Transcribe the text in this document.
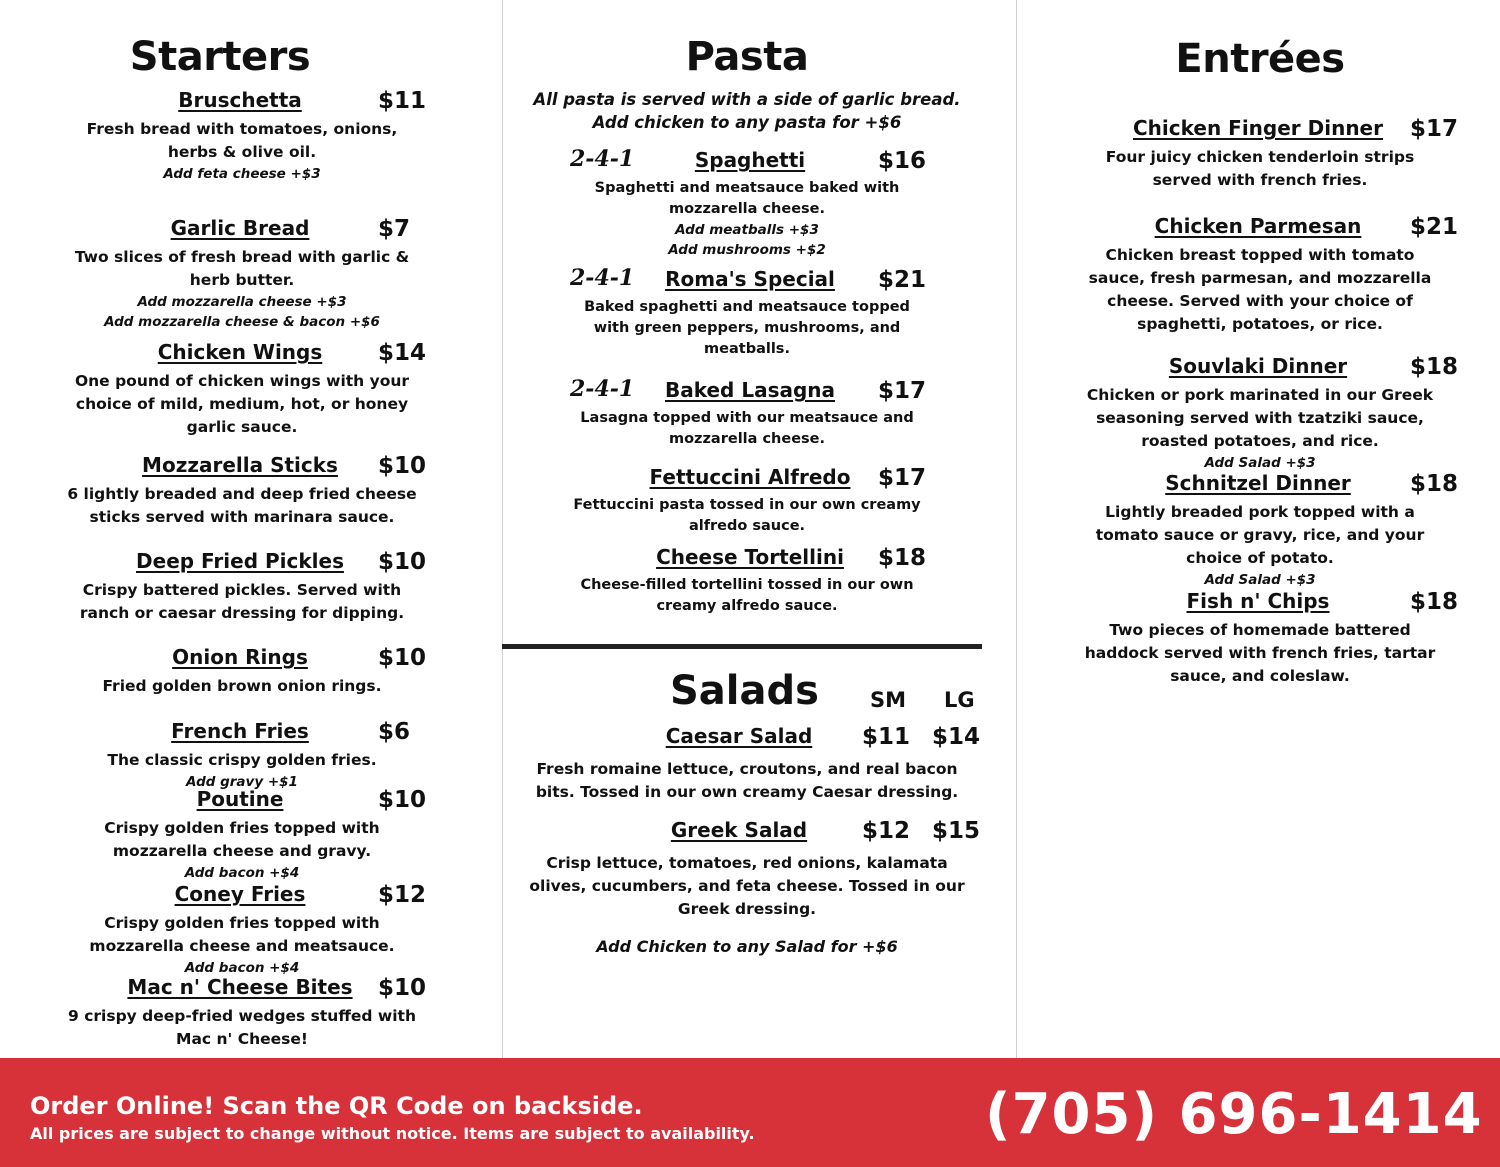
Starters
Bruschetta	$11
Fresh bread with tomatoes, onions,
herbs & olive oil.
Add feta cheese +$3
Garlic Bread	$7
Two slices of fresh bread with garlic &
herb butter.
Add mozzarella cheese +$3
Add mozzarella cheese & bacon +$6
Chicken Wings $14
One pound of chicken wings with your
choice of mild, medium, hot, or honey
garlic sauce.
Mozzarella Sticks $10
6 lightly breaded and deep fried cheese
sticks served with marinara sauce.
Deep Fried Pickles $10
Crispy battered pickles. Served with
ranch or caesar dressing for dipping.
Onion Rings	$10
Fried golden brown onion rings.
French Fries	$6
The classic crispy golden fries.
Add gravy +$1
Poutine	$10
Crispy golden fries topped with
mozzarella cheese and gravy.
Add bacon +$4
Coney Fries	$12
Crispy golden fries topped with
mozzarella cheese and meatsauce.
Add bacon +$4
Mac n' Cheese Bites $10
9 crispy deep-fried wedges stuffed with
Mac n' Cheese!
Pasta
All pasta is served with a side of garlic bread.
Add chicken to any pasta for +$6
2-4-1	Spaghetti	$16
Spaghetti and meatsauce baked with
mozzarella cheese.
Add meatballs +$3
Add mushrooms +$2
2-4-1 Roma's Special $21
Baked spaghetti and meatsauce topped
with green peppers, mushrooms, and
meatballs.
2-4-1 Baked Lasagna $17
Lasagna topped with our meatsauce and
mozzarella cheese.
Fettuccini Alfredo $17
Fettuccini pasta tossed in our own creamy
alfredo sauce.
Cheese Tortellini $18
Cheese-filled tortellini tossed in our own
creamy alfredo sauce.
Entrées
Chicken Finger Dinner $17
Four juicy chicken tenderloin strips
served with french fries.
Chicken Parmesan $21
Chicken breast topped with tomato
sauce, fresh parmesan, and mozzarella
cheese. Served with your choice of
spaghetti, potatoes, or rice.
Souvlaki Dinner	$18
Chicken or pork marinated in our Greek
seasoning served with tzatziki sauce,
roasted potatoes, and rice.
Add Salad +$3
Schnitzel Dinner	$18
Lightly breaded pork topped with a
tomato sauce or gravy, rice, and your
choice of potato.
Add Salad +$3
Fish n' Chips	$18
Two pieces of homemade battered
haddock served with french fries, tartar
sauce, and coleslaw.
Salads SM LG
Caesar Salad $11 $14
Fresh romaine lettuce, croutons, and real bacon
bits. Tossed in our own creamy Caesar dressing.
Greek Salad $12 $15
Crisp lettuce, tomatoes, red onions, kalamata
olives, cucumbers, and feta cheese. Tossed in our
Greek dressing.
Add Chicken to any Salad for +$6
Order Online! Scan the QR Code on backside.
All prices are subject to change without notice. Items are subject to availability.	(705) 696-1414
